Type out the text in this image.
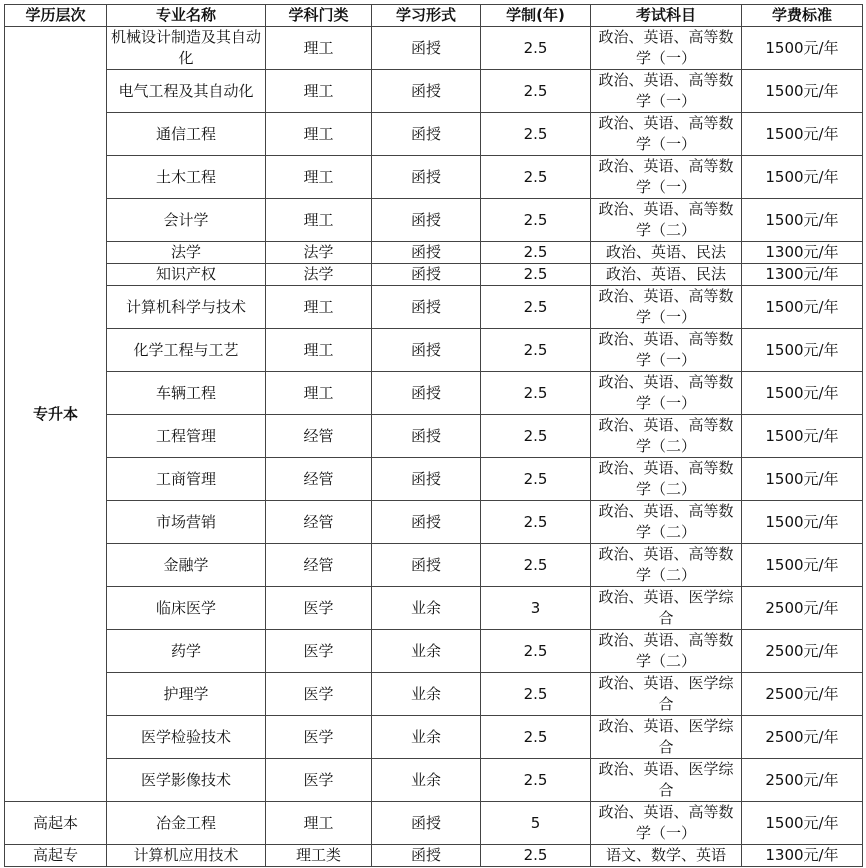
学历层次	专业名称	学科门类	学习形式	学制(年)	考试科目	学费标准
专升本	机械设计制造及其自动化	理工	函授	2.5	政治、英语、高等数学（一）	1500元/年
	电气工程及其自动化	理工	函授	2.5	政治、英语、高等数学（一）	1500元/年
	通信工程	理工	函授	2.5	政治、英语、高等数学（一）	1500元/年
	土木工程	理工	函授	2.5	政治、英语、高等数学（一）	1500元/年
	会计学	理工	函授	2.5	政治、英语、高等数学（二）	1500元/年
	法学	法学	函授	2.5	政治、英语、民法	1300元/年
	知识产权	法学	函授	2.5	政治、英语、民法	1300元/年
	计算机科学与技术	理工	函授	2.5	政治、英语、高等数学（一）	1500元/年
	化学工程与工艺	理工	函授	2.5	政治、英语、高等数学（一）	1500元/年
	车辆工程	理工	函授	2.5	政治、英语、高等数学（一）	1500元/年
	工程管理	经管	函授	2.5	政治、英语、高等数学（二）	1500元/年
	工商管理	经管	函授	2.5	政治、英语、高等数学（二）	1500元/年
	市场营销	经管	函授	2.5	政治、英语、高等数学（二）	1500元/年
	金融学	经管	函授	2.5	政治、英语、高等数学（二）	1500元/年
	临床医学	医学	业余	3	政治、英语、医学综合	2500元/年
	药学	医学	业余	2.5	政治、英语、高等数学（二）	2500元/年
	护理学	医学	业余	2.5	政治、英语、医学综合	2500元/年
	医学检验技术	医学	业余	2.5	政治、英语、医学综合	2500元/年
	医学影像技术	医学	业余	2.5	政治、英语、医学综合	2500元/年
高起本	冶金工程	理工	函授	5	政治、英语、高等数学（一）	1500元/年
高起专	计算机应用技术	理工类	函授	2.5	语文、数学、英语	1300元/年
